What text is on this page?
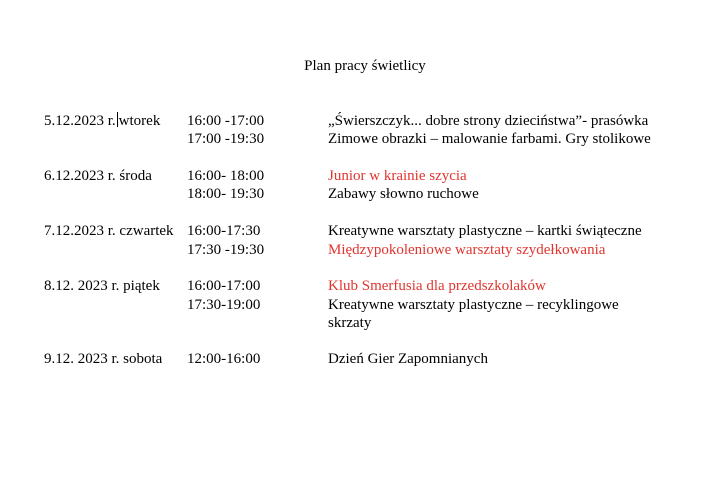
Plan pracy świetlicy
5.12.2023 r. wtorek 16:00 -17:00	„Świerszczyk... dobre strony dzieciństwa”- prasówka
17:00 -19:30	Zimowe obrazki – malowanie farbami. Gry stolikowe
6.12.2023 r. środa 16:00- 18:00	Junior w krainie szycia
18:00- 19:30	Zabawy słowno ruchowe
7.12.2023 r. czwartek 16:00-17:30	Kreatywne warsztaty plastyczne – kartki świąteczne
17:30 -19:30	Międzypokoleniowe warsztaty szydełkowania
8.12. 2023 r. piątek 16:00-17:00	Klub Smerfusia dla przedszkolaków
17:30-19:00	Kreatywne warsztaty plastyczne – recyklingowe
skrzaty
9.12. 2023 r. sobota 12:00-16:00	Dzień Gier Zapomnianych
